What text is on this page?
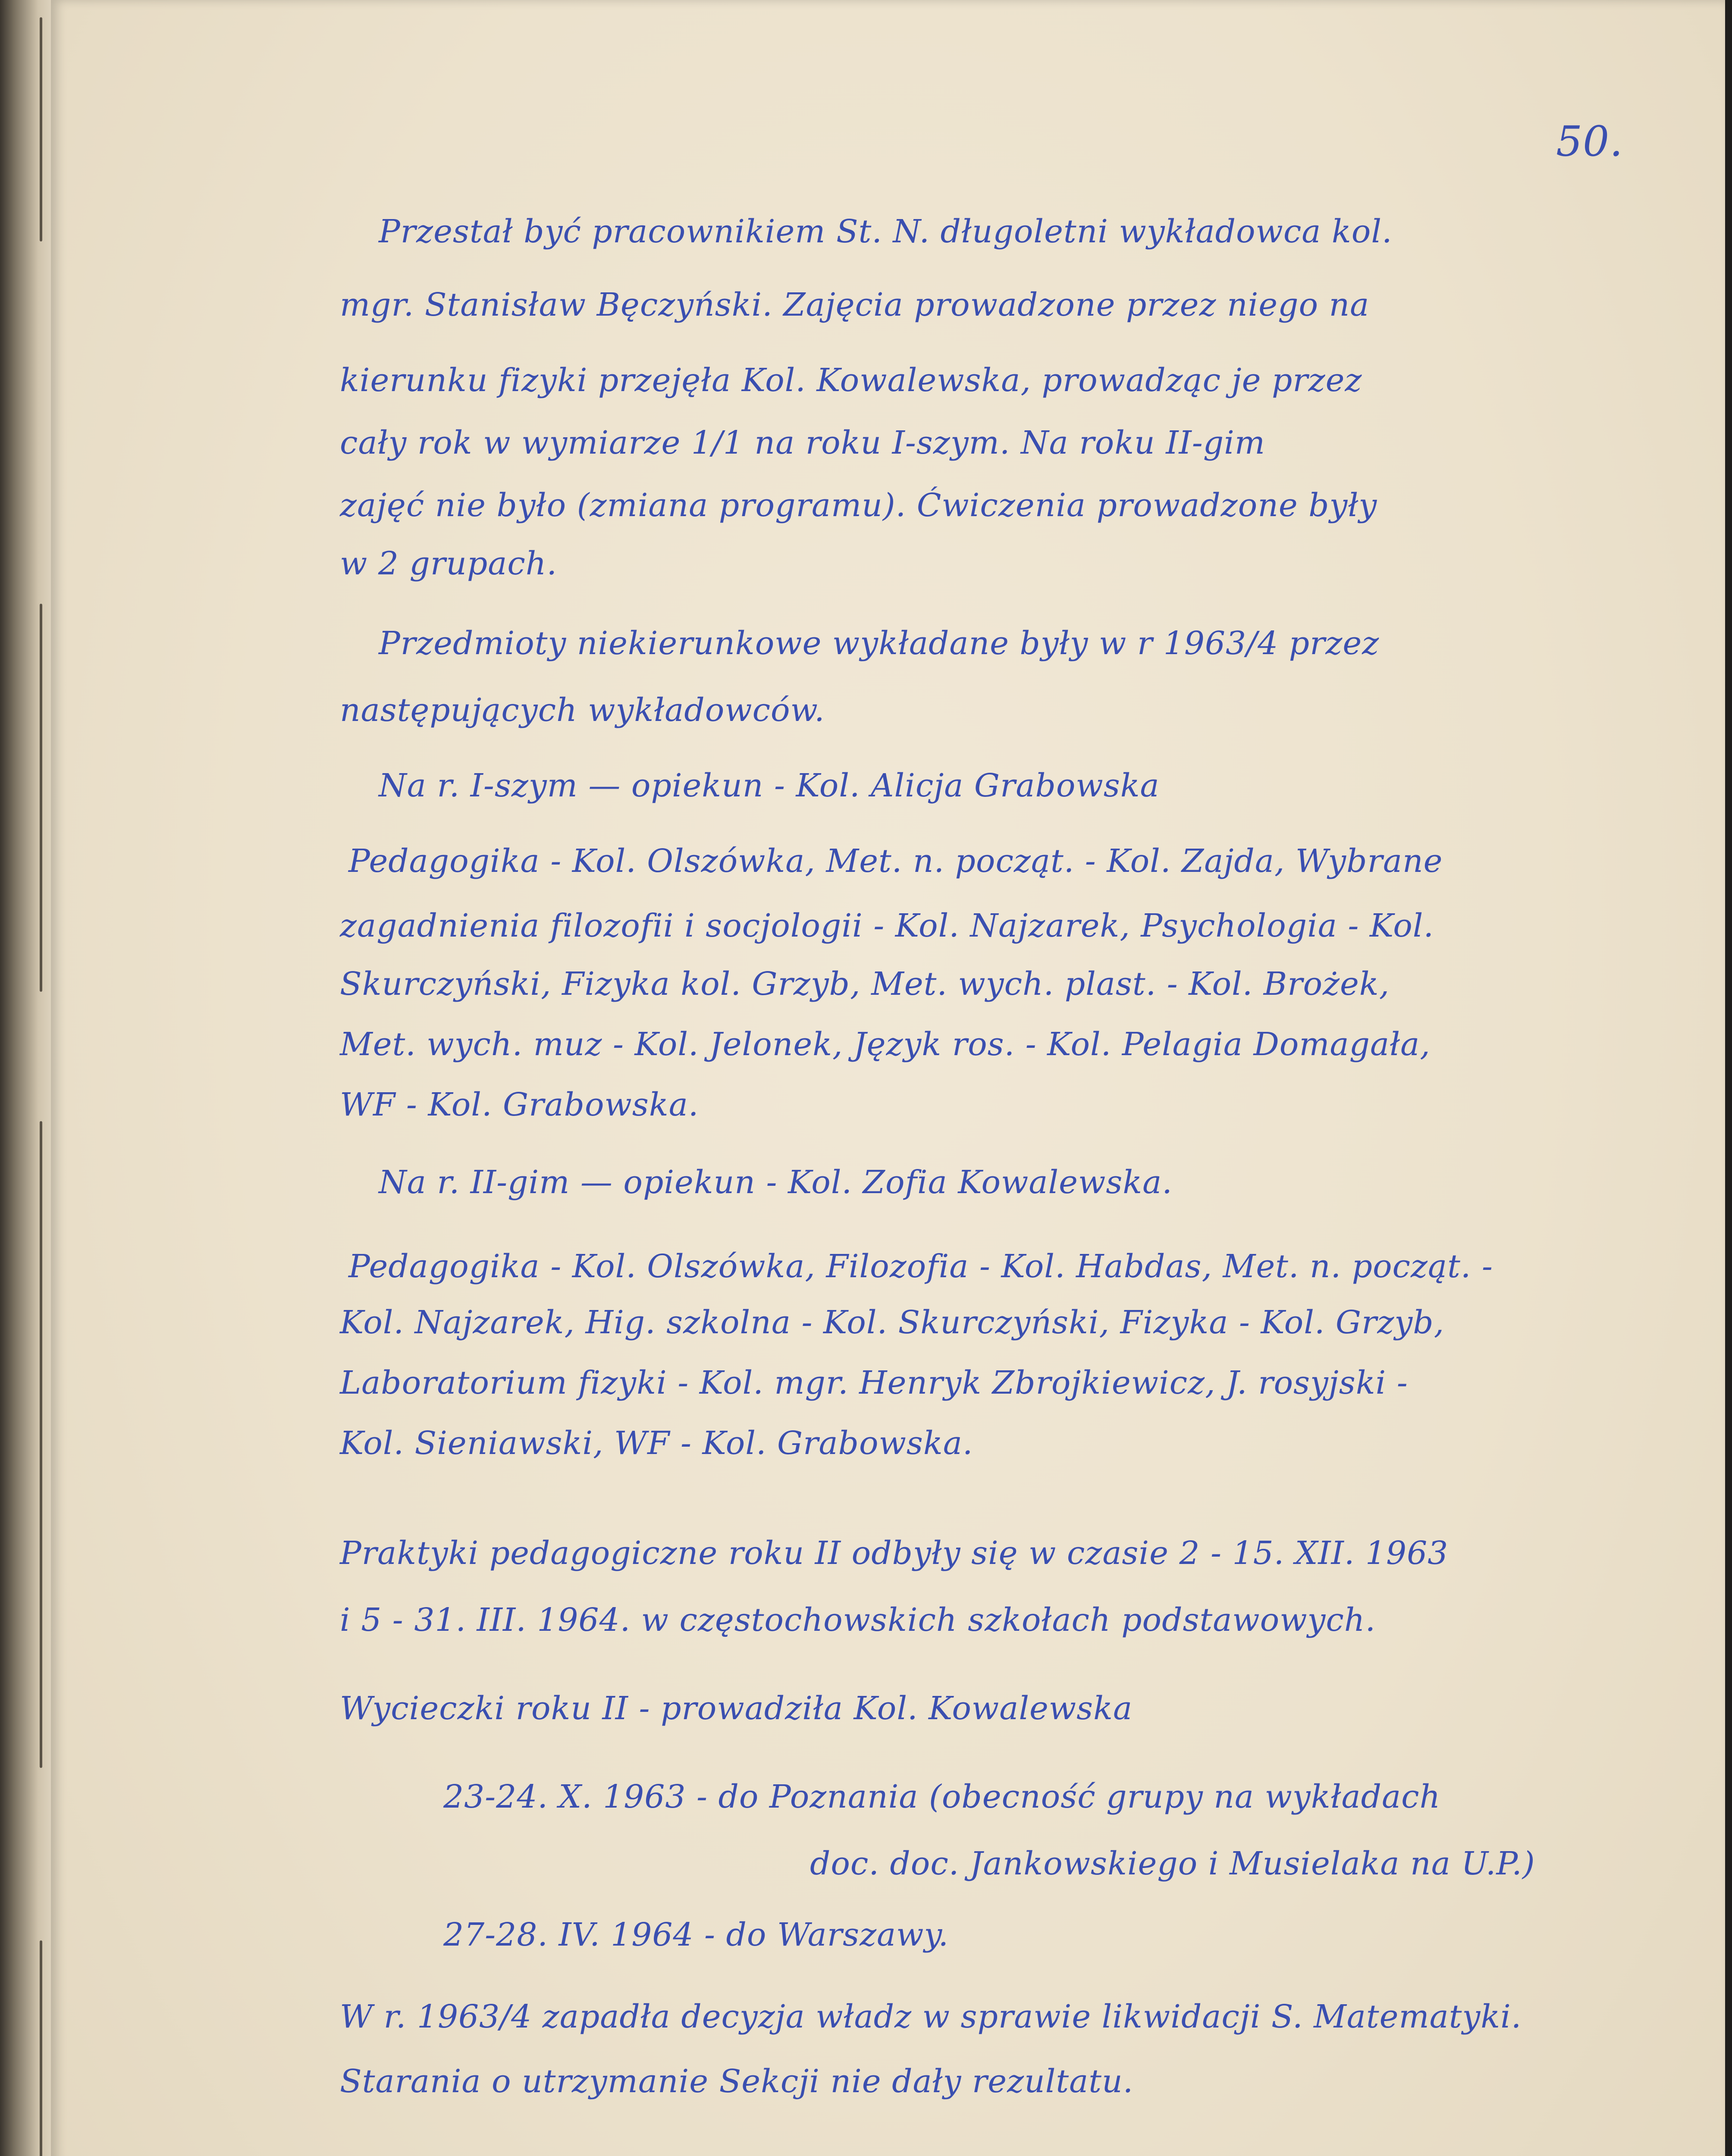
50.
Przestał być pracownikiem St. N. długoletni wykładowca kol.
mgr. Stanisław Bęczyński. Zajęcia prowadzone przez niego na
kierunku fizyki przejęła Kol. Kowalewska, prowadząc je przez
cały rok w wymiarze 1/1 na roku I-szym. Na roku II-gim
zajęć nie było (zmiana programu). Ćwiczenia prowadzone były
w 2 grupach.
Przedmioty niekierunkowe wykładane były w r 1963/4 przez
następujących wykładowców.
Na r. I-szym — opiekun - Kol. Alicja Grabowska
Pedagogika - Kol. Olszówka, Met. n. począt. - Kol. Zajda, Wybrane
zagadnienia filozofii i socjologii - Kol. Najzarek, Psychologia - Kol.
Skurczyński, Fizyka kol. Grzyb, Met. wych. plast. - Kol. Brożek,
Met. wych. muz - Kol. Jelonek, Język ros. - Kol. Pelagia Domagała,
WF - Kol. Grabowska.
Na r. II-gim — opiekun - Kol. Zofia Kowalewska.
Pedagogika - Kol. Olszówka, Filozofia - Kol. Habdas, Met. n. począt. -
Kol. Najzarek, Hig. szkolna - Kol. Skurczyński, Fizyka - Kol. Grzyb,
Laboratorium fizyki - Kol. mgr. Henryk Zbrojkiewicz, J. rosyjski -
Kol. Sieniawski, WF - Kol. Grabowska.
Praktyki pedagogiczne roku II odbyły się w czasie 2 - 15. XII. 1963
i 5 - 31. III. 1964. w częstochowskich szkołach podstawowych.
Wycieczki roku II - prowadziła Kol. Kowalewska
23-24. X. 1963 - do Poznania (obecność grupy na wykładach
doc. doc. Jankowskiego i Musielaka na U.P.)
27-28. IV. 1964 - do Warszawy.
W r. 1963/4 zapadła decyzja władz w sprawie likwidacji S. Matematyki.
Starania o utrzymanie Sekcji nie dały rezultatu.
